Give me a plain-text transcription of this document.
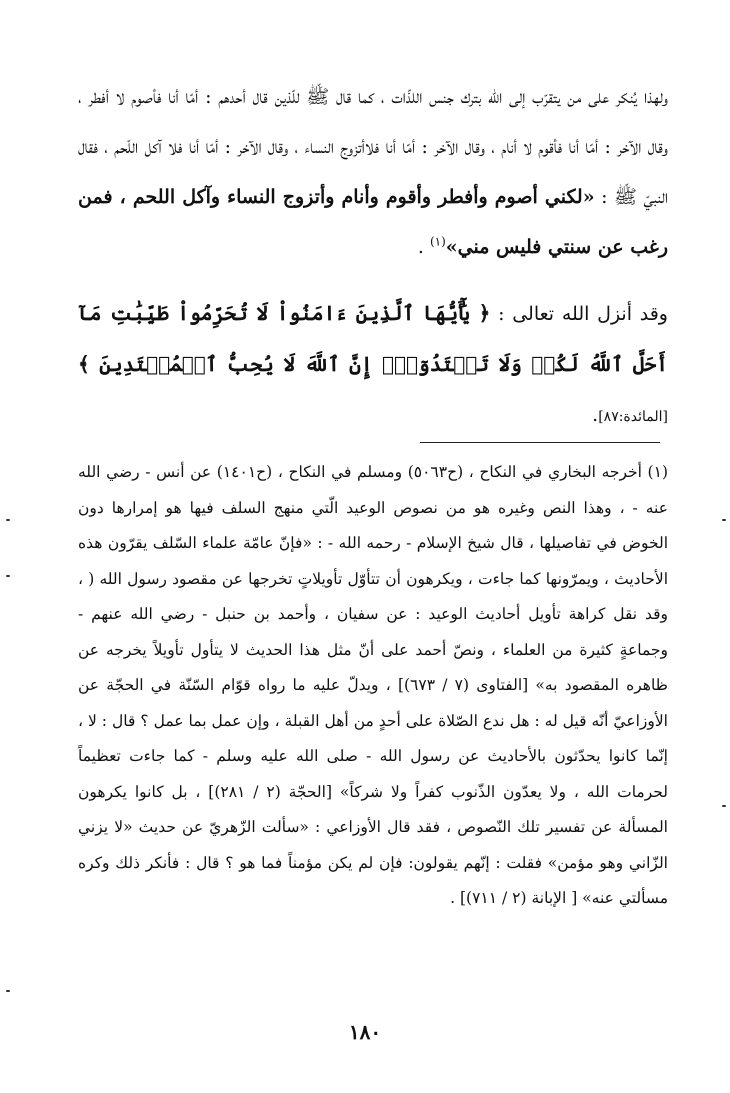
ولهذا يُنكر على من يتقرّب إلى الله بترك جنس اللذّات ، كما قال ﷺ للّذين قال أحدهم : أمّا أنا فأصوم لا أفطر ، وقال الآخر : أمّا أنا فأقوم لا أنام ، وقال الآخر : أمّا أنا فلاأتزوج النساء ، وقال الآخر : أمّا أنا فلا آكل اللّحم ، فقال النبيّ ﷺ : «لكني أصوم وأفطر وأقوم وأنام وأتزوج النساء وآكل اللحم ، فمن رغب عن سنتي فليس مني»$^{(١)}$ .

وقد أنزل الله تعالى : ﴿ يَٰٓأَيُّهَا ٱلَّذِينَ ءَامَنُواْ لَا تُحَرِّمُواْ طَيِّبَٰتِ مَآ أَحَلَّ ٱللَّهُ لَكُمۡ وَلَا تَعۡتَدُوٓاْۚ إِنَّ ٱللَّهَ لَا يُحِبُّ ٱلۡمُعۡتَدِينَ ﴾[المائدة:٨٧].

(١) أخرجه البخاري في النكاح ، (ح٥٠٦٣) ومسلم في النكاح ، (ح١٤٠١) عن أنس - رضي الله عنه - ، وهذا النص وغيره هو من نصوص الوعيد الّتي منهج السلف فيها هو إمرارها دون الخوض في تفاصيلها ، قال شيخ الإسلام - رحمه الله - : «فإنّ عامّة علماء السّلف يقرّون هذه الأحاديث ، ويمرّونها كما جاءت ، ويكرهون أن تتأوّل تأويلاتٍ تخرجها عن مقصود رسول الله ( ، وقد نقل كراهة تأويل أحاديث الوعيد : عن سفيان ، وأحمد بن حنبل - رضي الله عنهم - وجماعةٍ كثيرة من العلماء ، ونصّ أحمد على أنّ مثل هذا الحديث لا يتأول تأويلاً يخرجه عن ظاهره المقصود به» [الفتاوى (٧ / ٦٧٣)] ، ويدلّ عليه ما رواه قوّام السّنّة في الحجّة عن الأوزاعيّ أنّه قيل له : هل ندع الصّلاة على أحدٍ من أهل القبلة ، وإن عمل بما عمل ؟ قال : لا ، إنّما كانوا يحدّثون بالأحاديث عن رسول الله - صلى الله عليه وسلم - كما جاءت تعظيماً لحرمات الله ، ولا يعدّون الذّنوب كفراً ولا شركاً» [الحجّة (٢ / ٢٨١)] ، بل كانوا يكرهون المسألة عن تفسير تلك النّصوص ، فقد قال الأوزاعي : «سألت الزّهريّ عن حديث «لا يزني الزّاني وهو مؤمن» فقلت : إنّهم يقولون: فإن لم يكن مؤمناً فما هو ؟ قال : فأنكر ذلك وكره مسألتي عنه» [ الإبانة (٢ / ٧١١)] .

١٨٠
